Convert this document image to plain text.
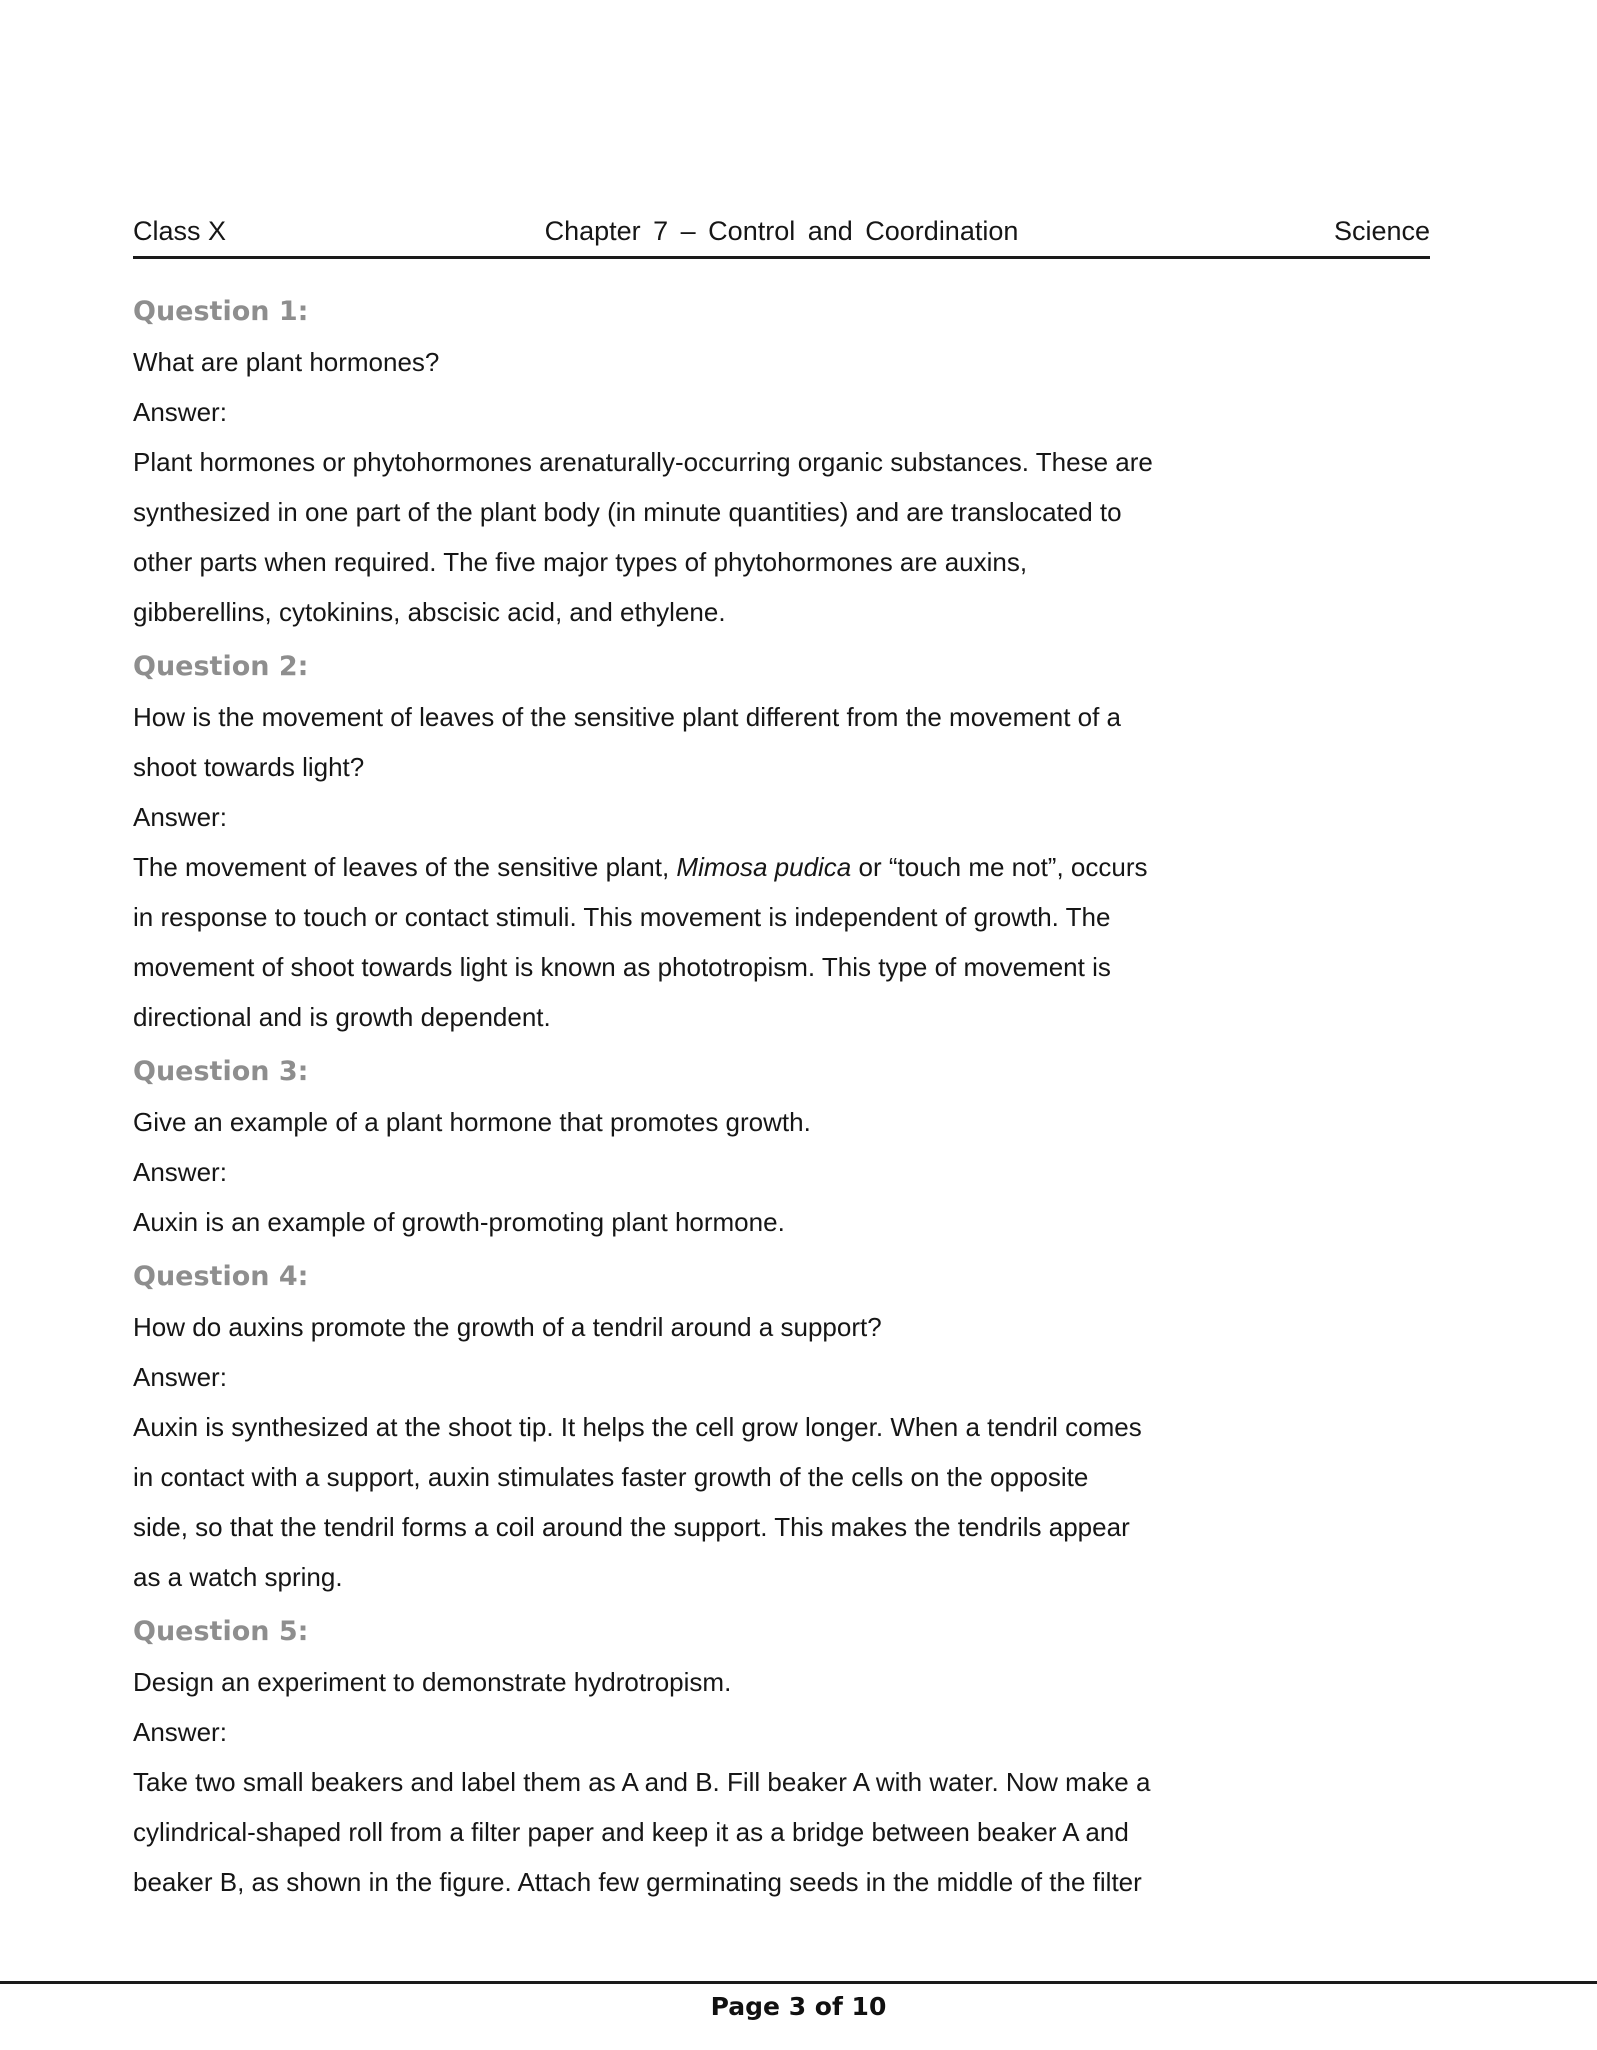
Class X	Chapter 7 – Control and Coordination	Science
Question 1:
What are plant hormones?
Answer:
Plant hormones or phytohormones arenaturally-occurring organic substances. These are
synthesized in one part of the plant body (in minute quantities) and are translocated to
other parts when required. The five major types of phytohormones are auxins,
gibberellins, cytokinins, abscisic acid, and ethylene.
Question 2:
How is the movement of leaves of the sensitive plant different from the movement of a
shoot towards light?
Answer:
The movement of leaves of the sensitive plant, Mimosa pudica or “touch me not”, occurs
in response to touch or contact stimuli. This movement is independent of growth. The
movement of shoot towards light is known as phototropism. This type of movement is
directional and is growth dependent.
Question 3:
Give an example of a plant hormone that promotes growth.
Answer:
Auxin is an example of growth-promoting plant hormone.
Question 4:
How do auxins promote the growth of a tendril around a support?
Answer:
Auxin is synthesized at the shoot tip. It helps the cell grow longer. When a tendril comes
in contact with a support, auxin stimulates faster growth of the cells on the opposite
side, so that the tendril forms a coil around the support. This makes the tendrils appear
as a watch spring.
Question 5:
Design an experiment to demonstrate hydrotropism.
Answer:
Take two small beakers and label them as A and B. Fill beaker A with water. Now make a
cylindrical-shaped roll from a filter paper and keep it as a bridge between beaker A and
beaker B, as shown in the figure. Attach few germinating seeds in the middle of the filter
Page 3 of 10
